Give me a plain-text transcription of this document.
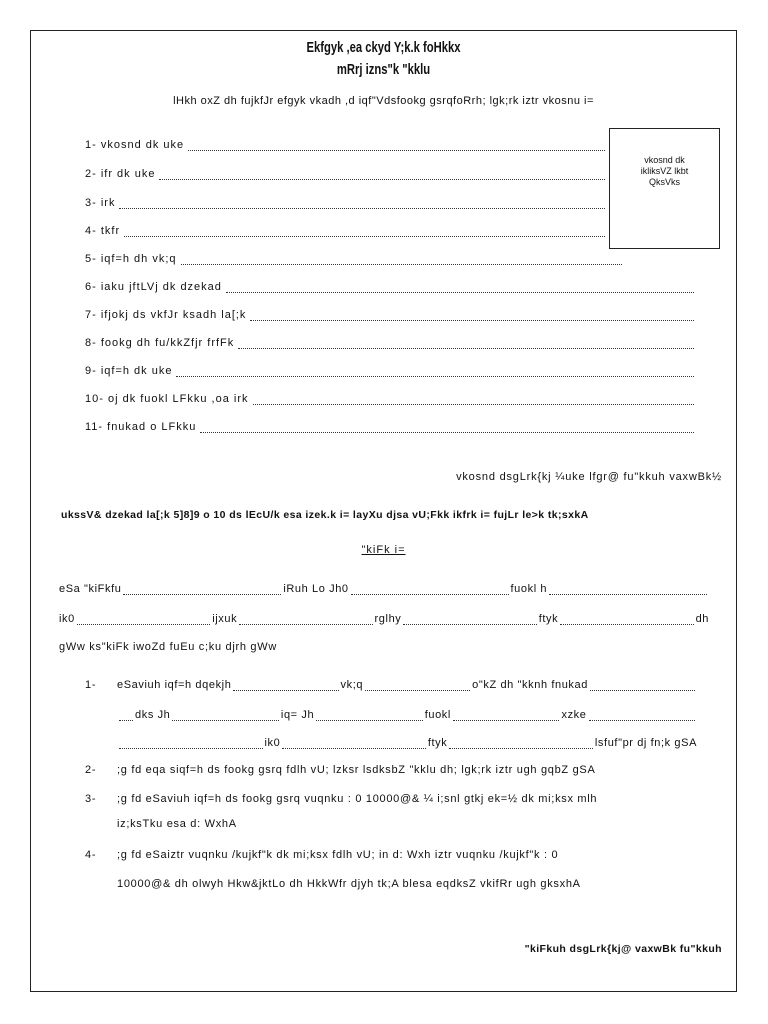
Ekfgyk ,ea ckyd Y;k.k foHkkx
mRrj izns"k "kklu
lHkh oxZ dh fujkfJr efgyk vkadh ,d iqf"Vdsfookg gsrqfoRrh; lgk;rk iztr vkosnu i=
vkosnd dk
ikliksVZ lkbt
QksVks
1- vkosnd dk uke
2- ifr dk uke
3- irk
4- tkfr
5- iqf=h dh vk;q
6- iaku jftLVj dk dzekad
7- ifjokj ds vkfJr ksadh la[;k
8- fookg dh fu/kkZfjr frfFk
9- iqf=h dk uke
10- oj dk fuokl LFkku ,oa irk
11- fnukad o LFkku
vkosnd dsgLrk{kj ¼uke lfgr@ fu"kkuh vaxwBk½
ukssV& dzekad la[;k 5]8]9 o 10 ds lEcU/k esa izek.k i= layXu djsa vU;Fkk ikfrk i= fujLr le>k tk;sxkA
"kiFk i=
eSa "kiFkfu	iRuh Lo Jh0	fuokl h
ik0	ijxuk	rglhy	ftyk	dh
gWw ks"kiFk iwoZd fuEu c;ku djrh gWw
1- eSaviuh iqf=h dqekjh	vk;q	o"kZ dh "kknh fnukad
dks Jh	iq= Jh	fuokl	xzke
ik0	ftyk	lsfuf"pr dj fn;k gSA
2- ;g fd eqa siqf=h ds fookg gsrq fdlh vU; lzksr lsdksbZ "kklu dh; lgk;rk iztr ugh gqbZ gSA
3- ;g fd eSaviuh iqf=h ds fookg gsrq vuqnku : 0 10000@& ¼ i;snl gtkj ek=½ dk mi;ksx mlh
iz;ksTku esa d: WxhA
4- ;g fd eSaiztr vuqnku /kujkf"k dk mi;ksx fdlh vU; in d: Wxh iztr vuqnku /kujkf"k : 0
10000@& dh olwyh Hkw&jktLo dh HkkWfr djyh tk;A blesa eqdksZ vkifRr ugh gksxhA
"kiFkuh dsgLrk{kj@ vaxwBk fu"kkuh
